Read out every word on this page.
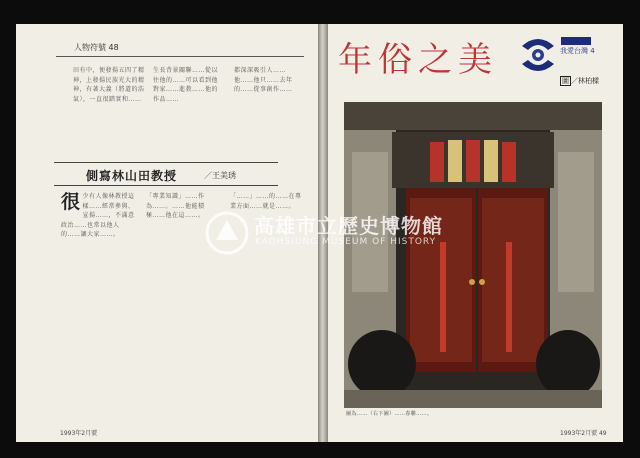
人物符號 48
田有中，便發揚五四了精神，上發揚民族光大的精神，有著大義（將道的浩氣），一直很踏實和……
生長背景關聯……從以往他的……可以看到他對家……進教……他的作品……
都深深吸引人……他……他只……去年的……從事創作……
側寫林山田教授	／王美琇
很 少有人像林教授這樣……經常參與、宣揚……，不滿意政治……也常以他人的……讓大家……。
「專業知識」……作為……。……他能積極……他在這……。
「……」……的……在專業方面……就是……。
1993年2月號
年俗之美	我愛台灣 4
圖 ／林柏樑
圖為……（右下圖）……春聯……。
1993年2月號 49
高雄市立歷史博物館
KAOHSIUNG MUSEUM OF HISTORY
